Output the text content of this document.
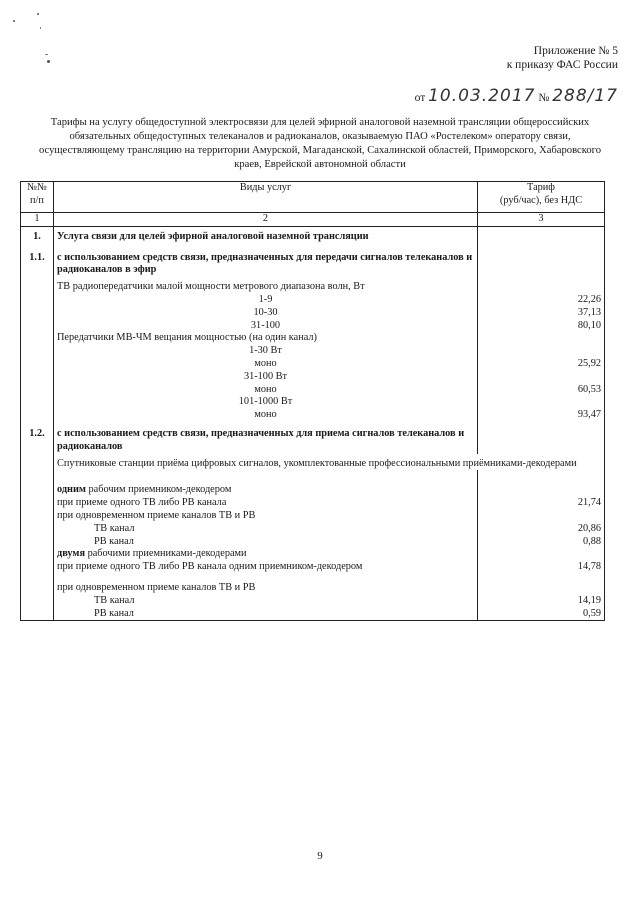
Приложение № 5
к приказу ФАС России
от 10.03.2017 № 288/17
Тарифы на услугу общедоступной электросвязи для целей эфирной аналоговой наземной трансляции общероссийских обязательных общедоступных телеканалов и радиоканалов, оказываемую ПАО «Ростелеком» оператору связи, осуществляющему трансляцию на территории Амурской, Магаданской, Сахалинской областей, Приморского, Хабаровского краев, Еврейской автономной области
№№ п/п	Виды услуг	Тариф
(руб/час), без НДС

1	2	3
1.	Услуга связи для целей эфирной аналоговой наземной трансляции	
1.1.	с использованием средств связи, предназначенных для передачи сигналов телеканалов и радиоканалов в эфир	
	ТВ радиопередатчики малой мощности метрового диапазона волн, Вт	
	1-9	22,26
	10-30	37,13
	31-100	80,10
	Передатчики МВ-ЧМ вещания мощностью (на один канал)	
	1-30 Вт	
	моно	25,92
	31-100 Вт	
	моно	60,53
	101-1000 Вт	
	моно	93,47
1.2.	с использованием средств связи, предназначенных для приема сигналов телеканалов и радиоканалов	
	Спутниковые станции приёма цифровых сигналов, укомплектованные профессиональными приёмниками-декодерами	
	одним рабочим приемником-декодером	
	при приеме одного ТВ либо РВ канала	21,74
	при одновременном приеме каналов ТВ и РВ	
	ТВ канал	20,86
	РВ канал	0,88
	двумя рабочими приемниками-декодерами	
	при приеме одного ТВ либо РВ канала одним приемником-декодером	14,78
	при одновременном приеме каналов ТВ и РВ	
	ТВ канал	14,19
	РВ канал	0,59
9
